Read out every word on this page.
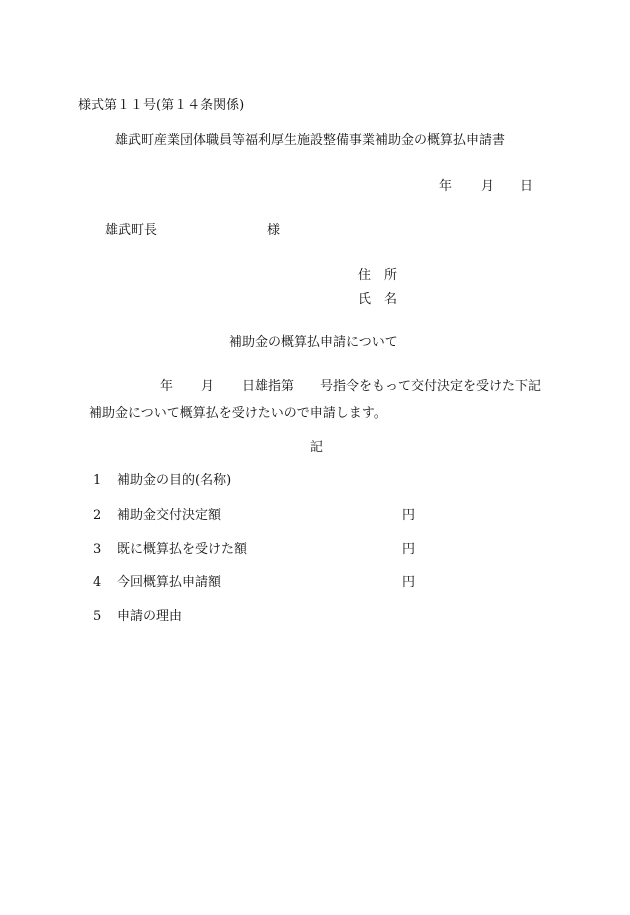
様式第１１号(第１４条関係)
雄武町産業団体職員等福利厚生施設整備事業補助金の概算払申請書
年 月 日
雄武町長	様
住　所
氏　名
補助金の概算払申請について
年 月 日雄指第 号指令をもって交付決定を受けた下記
補助金について概算払を受けたいので申請します。
記
1 補助金の目的(名称)
2 補助金交付決定額	円
3 既に概算払を受けた額	円
4 今回概算払申請額	円
5 申請の理由
